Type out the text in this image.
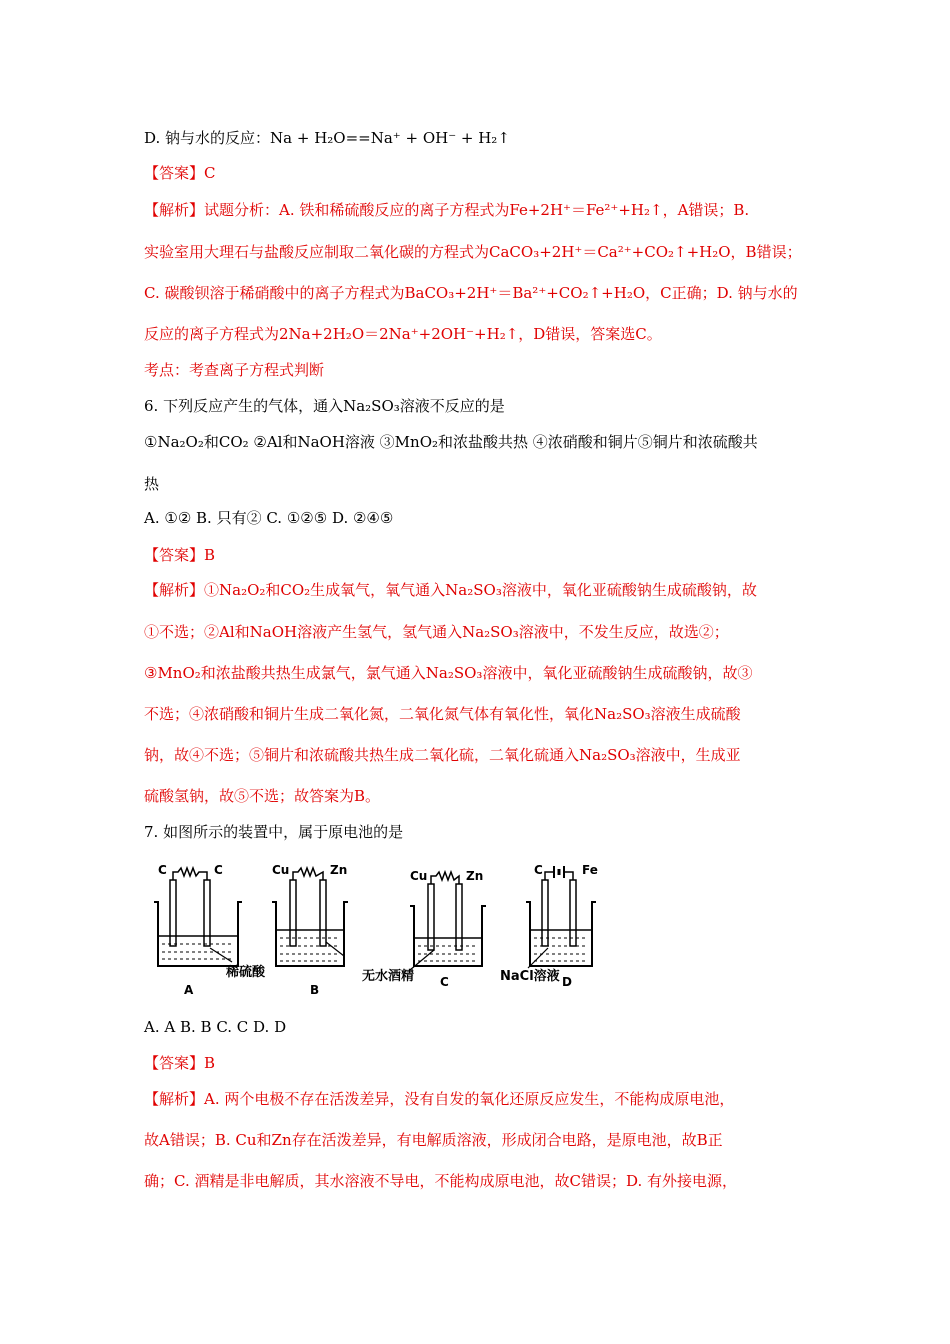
D. 钠与水的反应：Na + H₂O==Na⁺ + OH⁻ + H₂↑
【答案】C
【解析】试题分析：A. 铁和稀硫酸反应的离子方程式为Fe+2H⁺＝Fe²⁺+H₂↑，A错误；B.
实验室用大理石与盐酸反应制取二氧化碳的方程式为CaCO₃+2H⁺＝Ca²⁺+CO₂↑+H₂O，B错误；
C. 碳酸钡溶于稀硝酸中的离子方程式为BaCO₃+2H⁺＝Ba²⁺+CO₂↑+H₂O，C正确；D. 钠与水的
反应的离子方程式为2Na+2H₂O＝2Na⁺+2OH⁻+H₂↑，D错误，答案选C。
考点：考查离子方程式判断
6. 下列反应产生的气体，通入Na₂SO₃溶液不反应的是
①Na₂O₂和CO₂ ②Al和NaOH溶液 ③MnO₂和浓盐酸共热 ④浓硝酸和铜片⑤铜片和浓硫酸共
热
A. ①② B. 只有② C. ①②⑤ D. ②④⑤
【答案】B
【解析】①Na₂O₂和CO₂生成氧气，氧气通入Na₂SO₃溶液中，氧化亚硫酸钠生成硫酸钠，故
①不选；②Al和NaOH溶液产生氢气，氢气通入Na₂SO₃溶液中，不发生反应，故选②；
③MnO₂和浓盐酸共热生成氯气，氯气通入Na₂SO₃溶液中，氧化亚硫酸钠生成硫酸钠，故③
不选；④浓硝酸和铜片生成二氧化氮，二氧化氮气体有氧化性，氧化Na₂SO₃溶液生成硫酸
钠，故④不选；⑤铜片和浓硫酸共热生成二氧化硫，二氧化硫通入Na₂SO₃溶液中，生成亚
硫酸氢钠，故⑤不选；故答案为B。
7. 如图所示的装置中，属于原电池的是
A. A B. B C. C D. D
【答案】B
【解析】A. 两个电极不存在活泼差异，没有自发的氧化还原反应发生，不能构成原电池，
故A错误；B. Cu和Zn存在活泼差异，有电解质溶液，形成闭合电路，是原电池，故B正
确；C. 酒精是非电解质，其水溶液不导电，不能构成原电池，故C错误；D. 有外接电源，
C	C
A
Cu	Zn
稀硫酸
B
Cu	Zn
无水酒精 C
C	Fe
NaCl溶液 D
